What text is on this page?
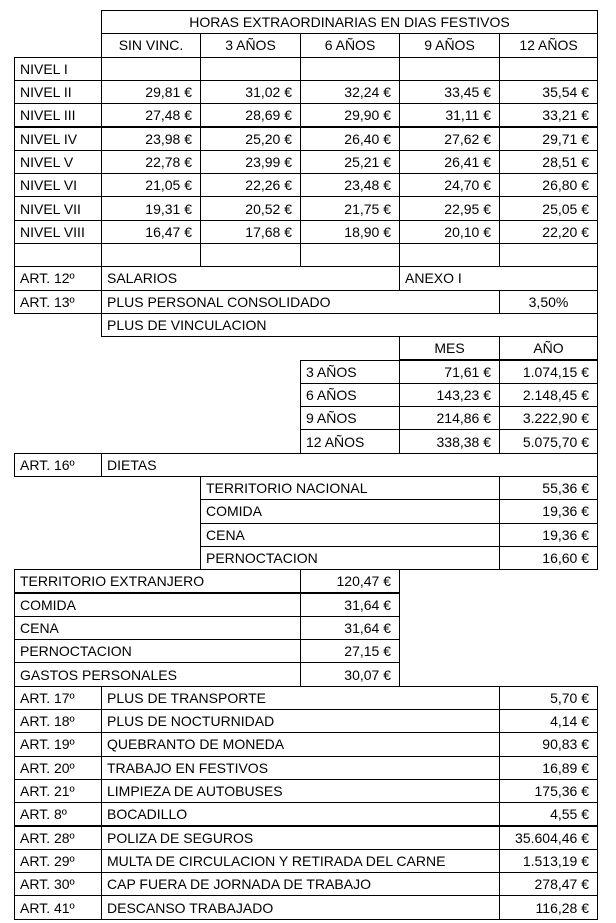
HORAS EXTRAORDINARIAS EN DIAS FESTIVOS
SIN VINC.	3 AÑOS	6 AÑOS	9 AÑOS	12 AÑOS
NIVEL I
NIVEL II	29,81 €	31,02 €	32,24 €	33,45 €	35,54 €
NIVEL III	27,48 €	28,69 €	29,90 €	31,11 €	33,21 €
NIVEL IV	23,98 €	25,20 €	26,40 €	27,62 €	29,71 €
NIVEL V	22,78 €	23,99 €	25,21 €	26,41 €	28,51 €
NIVEL VI	21,05 €	22,26 €	23,48 €	24,70 €	26,80 €
NIVEL VII	19,31 €	20,52 €	21,75 €	22,95 €	25,05 €
NIVEL VIII	16,47 €	17,68 €	18,90 €	20,10 €	22,20 €
ART. 12º	SALARIOS	ANEXO I
ART. 13º	PLUS PERSONAL CONSOLIDADO	3,50%
PLUS DE VINCULACION
MES	AÑO
3 AÑOS	71,61 €	1.074,15 €
6 AÑOS	143,23 €	2.148,45 €
9 AÑOS	214,86 €	3.222,90 €
12 AÑOS	338,38 €	5.075,70 €
ART. 16º	DIETAS
TERRITORIO NACIONAL	55,36 €
COMIDA	19,36 €
CENA	19,36 €
PERNOCTACION	16,60 €
TERRITORIO EXTRANJERO	120,47 €
COMIDA	31,64 €
CENA	31,64 €
PERNOCTACION	27,15 €
GASTOS PERSONALES	30,07 €
ART. 17º	PLUS DE TRANSPORTE	5,70 €
ART. 18º	PLUS DE NOCTURNIDAD	4,14 €
ART. 19º	QUEBRANTO DE MONEDA	90,83 €
ART. 20º	TRABAJO EN FESTIVOS	16,89 €
ART. 21º	LIMPIEZA DE AUTOBUSES	175,36 €
ART. 8º	BOCADILLO	4,55 €
ART. 28º	POLIZA DE SEGUROS	35.604,46 €
ART. 29º	MULTA DE CIRCULACION Y RETIRADA DEL CARNE	1.513,19 €
ART. 30º	CAP FUERA DE JORNADA DE TRABAJO	278,47 €
ART. 41º	DESCANSO TRABAJADO	116,28 €
